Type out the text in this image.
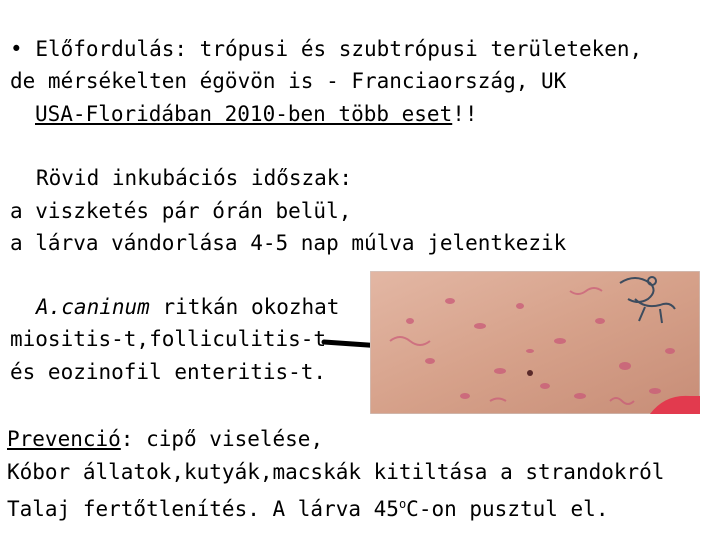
• Előfordulás: trópusi és szubtrópusi területeken,
de mérsékelten égövön is - Franciaország, UK
USA-Floridában 2010-ben több eset!!
Rövid inkubációs időszak:
a viszketés pár órán belül,
a lárva vándorlása 4-5 nap múlva jelentkezik
A.caninum ritkán okozhat
miositis-t,folliculitis-t
és eozinofil enteritis-t.
Prevenció: cipő viselése,
Kóbor állatok,kutyák,macskák kitiltása a strandokról
Talaj fertőtlenítés. A lárva 45$^o$C-on pusztul el.
